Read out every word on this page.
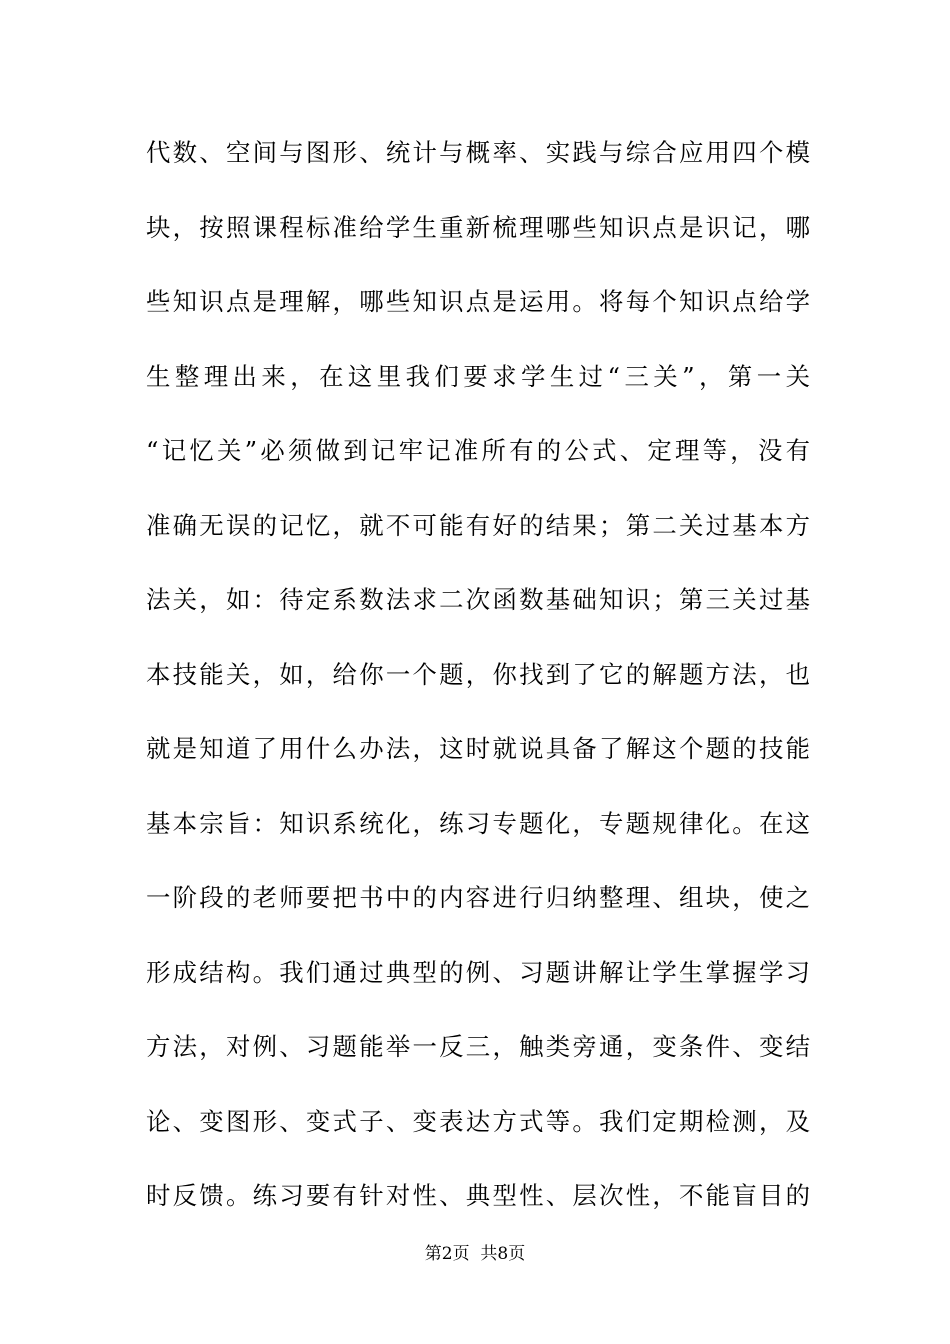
代数、空间与图形、统计与概率、实践与综合应用四个模
块，按照课程标准给学生重新梳理哪些知识点是识记，哪
些知识点是理解，哪些知识点是运用。将每个知识点给学
生整理出来，在这里我们要求学生过“三关”，第一关
“记忆关”必须做到记牢记准所有的公式、定理等，没有
准确无误的记忆，就不可能有好的结果；第二关过基本方
法关，如：待定系数法求二次函数基础知识；第三关过基
本技能关，如，给你一个题，你找到了它的解题方法，也
就是知道了用什么办法，这时就说具备了解这个题的技能
基本宗旨：知识系统化，练习专题化，专题规律化。在这
一阶段的老师要把书中的内容进行归纳整理、组块，使之
形成结构。我们通过典型的例、习题讲解让学生掌握学习
方法，对例、习题能举一反三，触类旁通，变条件、变结
论、变图形、变式子、变表达方式等。我们定期检测，及
时反馈。练习要有针对性、典型性、层次性，不能盲目的
第2页  共8页
